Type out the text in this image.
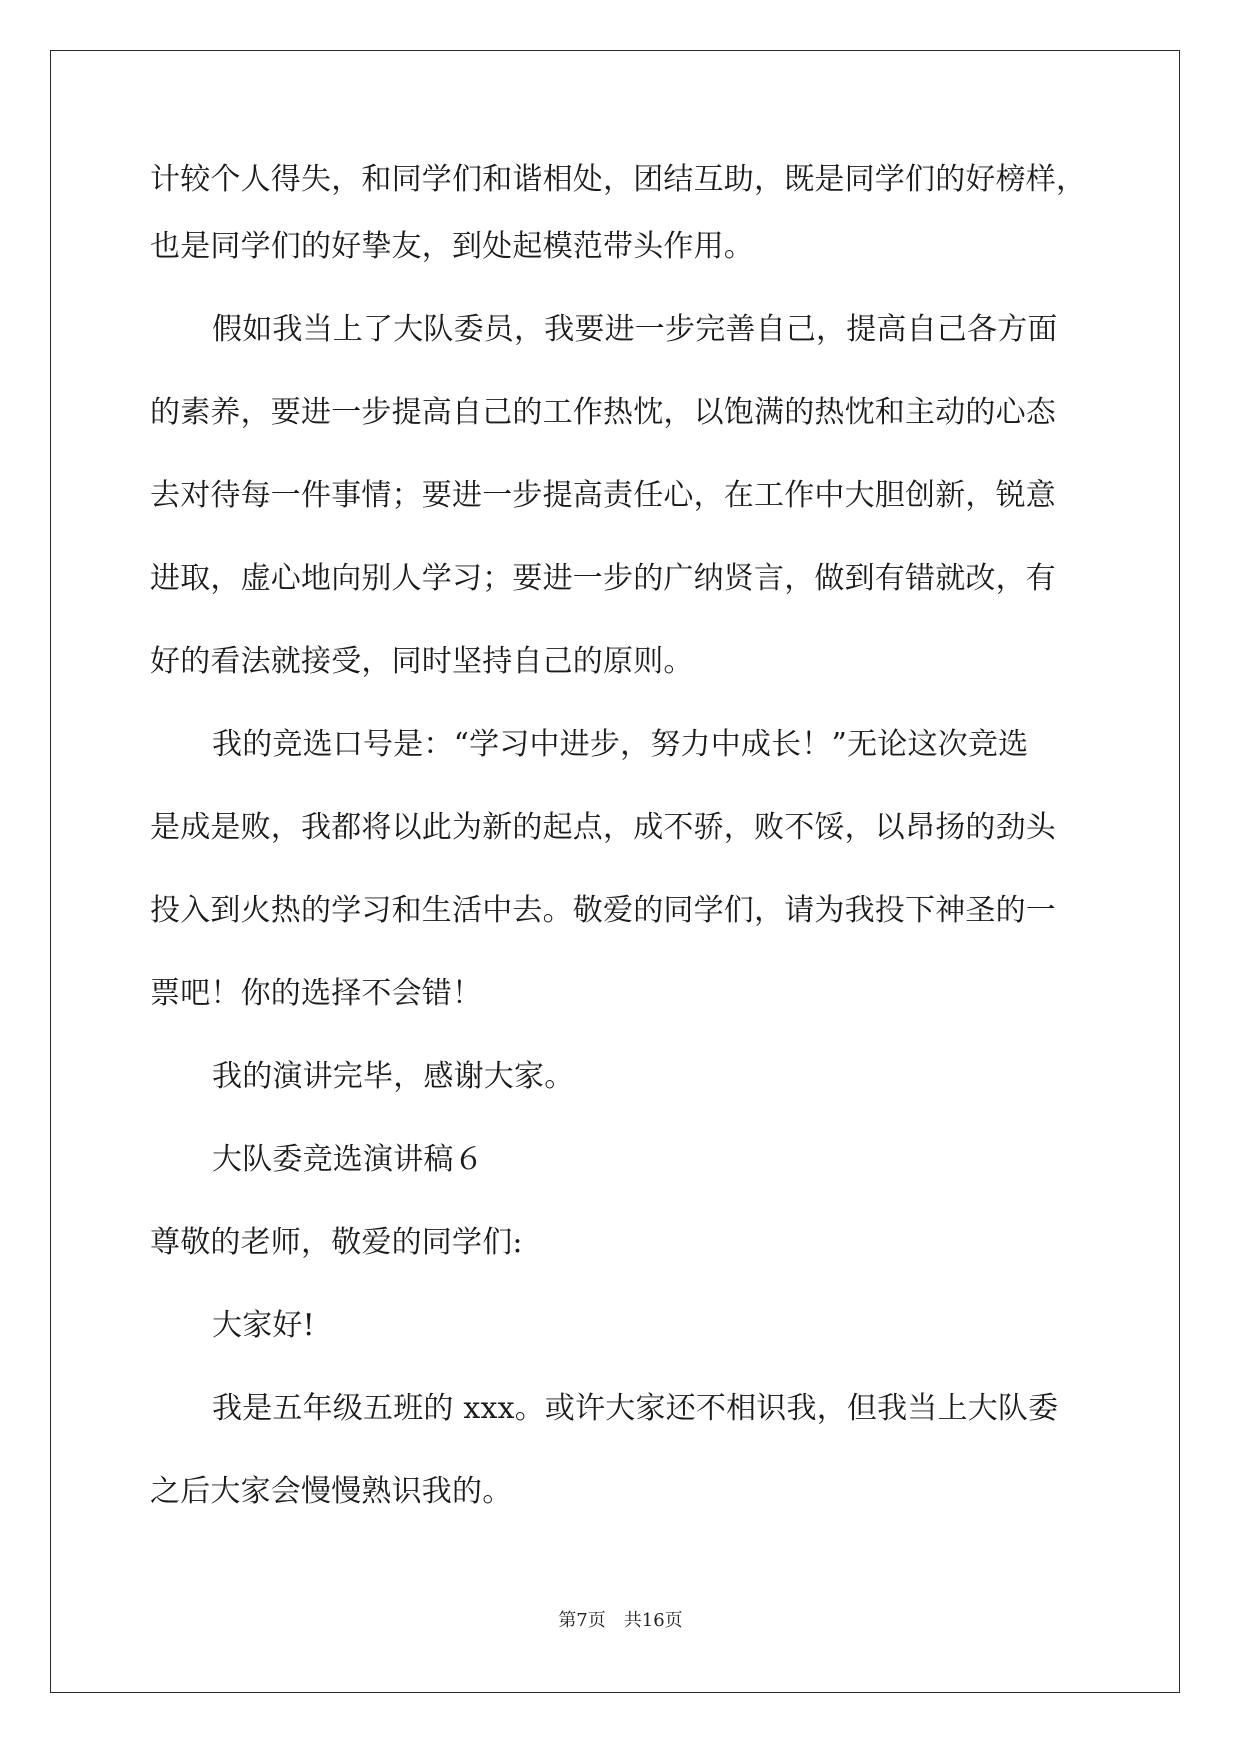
计较个人得失，和同学们和谐相处，团结互助，既是同学们的好榜样，
也是同学们的好挚友，到处起模范带头作用。
假如我当上了大队委员，我要进一步完善自己，提高自己各方面
的素养，要进一步提高自己的工作热忱，以饱满的热忱和主动的心态
去对待每一件事情；要进一步提高责任心，在工作中大胆创新，锐意
进取，虚心地向别人学习；要进一步的广纳贤言，做到有错就改，有
好的看法就接受，同时坚持自己的原则。
我的竞选口号是：“学习中进步，努力中成长！”无论这次竞选
是成是败，我都将以此为新的起点，成不骄，败不馁，以昂扬的劲头
投入到火热的学习和生活中去。敬爱的同学们，请为我投下神圣的一
票吧！你的选择不会错！
我的演讲完毕，感谢大家。
大队委竞选演讲稿６
尊敬的老师，敬爱的同学们:
大家好!
我是五年级五班的 xxx。或许大家还不相识我，但我当上大队委
之后大家会慢慢熟识我的。
第7页 共16页
